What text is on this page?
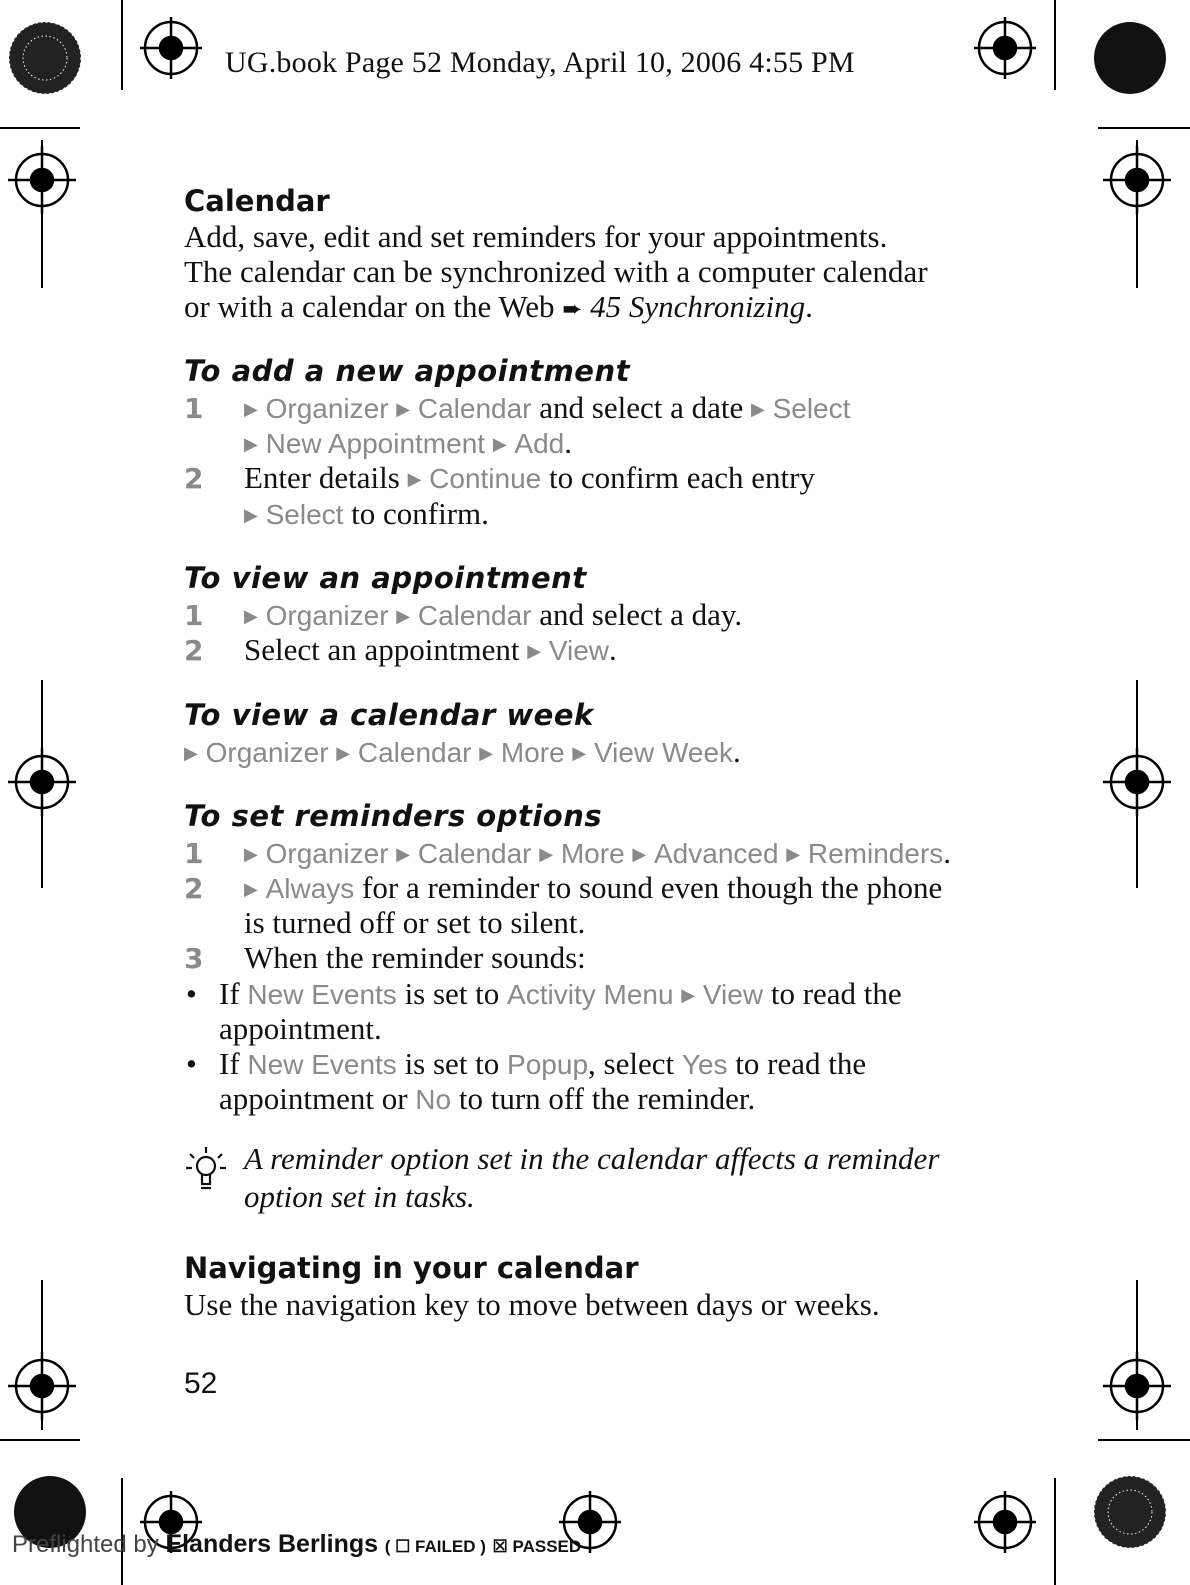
UG.book Page 52 Monday, April 10, 2006 4:55 PM
Calendar
Add, save, edit and set reminders for your appointments.
The calendar can be synchronized with a computer calendar
or with a calendar on the Web ➨ 45 Synchronizing.
To add a new appointment
1 ▶ Organizer ▶ Calendar and select a date ▶ Select
▶ New Appointment ▶ Add.
2 Enter details ▶ Continue to confirm each entry
▶ Select to confirm.
To view an appointment
1 ▶ Organizer ▶ Calendar and select a day.
2 Select an appointment ▶ View.
To view a calendar week
▶ Organizer ▶ Calendar ▶ More ▶ View Week.
To set reminders options
1 ▶ Organizer ▶ Calendar ▶ More ▶ Advanced ▶ Reminders.
2 ▶ Always for a reminder to sound even though the phone
is turned off or set to silent.
3 When the reminder sounds:
• If New Events is set to Activity Menu ▶ View to read the
appointment.
• If New Events is set to Popup, select Yes to read the
appointment or No to turn off the reminder.
A reminder option set in the calendar affects a reminder
option set in tasks.
Navigating in your calendar
Use the navigation key to move between days or weeks.
52
Preflighted by Elanders Berlings ( ☐ FAILED ) ☒ PASSED
